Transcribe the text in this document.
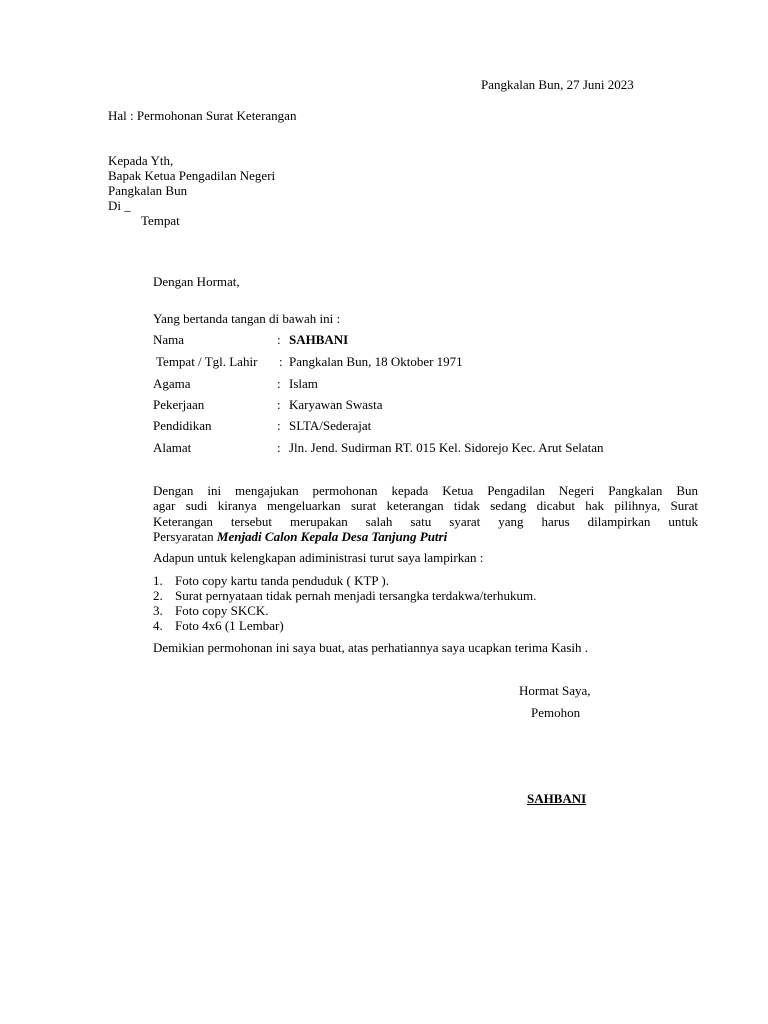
Pangkalan Bun, 27 Juni 2023
Hal : Permohonan Surat Keterangan
Kepada Yth,
Bapak Ketua Pengadilan Negeri
Pangkalan Bun
Di _
Tempat
Dengan Hormat,
Yang bertanda tangan di bawah ini :
Nama	: SAHBANI
Tempat / Tgl. Lahir : Pangkalan Bun, 18 Oktober 1971
Agama	: Islam
Pekerjaan	: Karyawan Swasta
Pendidikan	: SLTA/Sederajat
Alamat	: Jln. Jend. Sudirman RT. 015 Kel. Sidorejo Kec. Arut Selatan
Dengan ini mengajukan permohonan kepada Ketua Pengadilan Negeri Pangkalan Bun
agar sudi kiranya mengeluarkan surat keterangan tidak sedang dicabut hak pilihnya, Surat
Keterangan tersebut merupakan salah satu syarat yang harus dilampirkan untuk
Persyaratan Menjadi Calon Kepala Desa Tanjung Putri
Adapun untuk kelengkapan adiministrasi turut saya lampirkan :
1. Foto copy kartu tanda penduduk ( KTP ).
2. Surat pernyataan tidak pernah menjadi tersangka terdakwa/terhukum.
3. Foto copy SKCK.
4. Foto 4x6 (1 Lembar)
Demikian permohonan ini saya buat, atas perhatiannya saya ucapkan terima Kasih .
Hormat Saya,
Pemohon
SAHBANI
